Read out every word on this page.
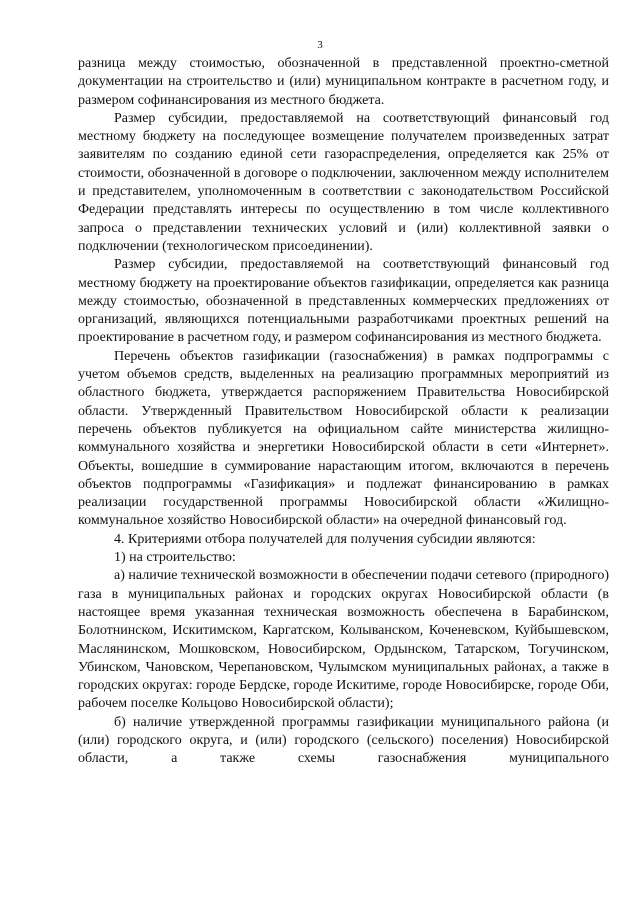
3

разница между стоимостью, обозначенной в представленной проектно-сметной документации на строительство и (или) муниципальном контракте в расчетном году, и размером софинансирования из местного бюджета.

Размер субсидии, предоставляемой на соответствующий финансовый год местному бюджету на последующее возмещение получателем произведенных затрат заявителям по созданию единой сети газораспределения, определяется как 25% от стоимости, обозначенной в договоре о подключении, заключенном между исполнителем и представителем, уполномоченным в соответствии с законодательством Российской Федерации представлять интересы по осуществлению в том числе коллективного запроса о представлении технических условий и (или) коллективной заявки о подключении (технологическом присоединении).

Размер субсидии, предоставляемой на соответствующий финансовый год местному бюджету на проектирование объектов газификации, определяется как разница между стоимостью, обозначенной в представленных коммерческих предложениях от организаций, являющихся потенциальными разработчиками проектных решений на проектирование в расчетном году, и размером софинансирования из местного бюджета.

Перечень объектов газификации (газоснабжения) в рамках подпрограммы с учетом объемов средств, выделенных на реализацию программных мероприятий из областного бюджета, утверждается распоряжением Правительства Новосибирской области. Утвержденный Правительством Новосибирской области к реализации перечень объектов публикуется на официальном сайте министерства жилищно-коммунального хозяйства и энергетики Новосибирской области в сети «Интернет». Объекты, вошедшие в суммирование нарастающим итогом, включаются в перечень объектов подпрограммы «Газификация» и подлежат финансированию в рамках реализации государственной программы Новосибирской области «Жилищно-коммунальное хозяйство Новосибирской области» на очередной финансовый год.

4. Критериями отбора получателей для получения субсидии являются:

1) на строительство:

а) наличие технической возможности в обеспечении подачи сетевого (природного) газа в муниципальных районах и городских округах Новосибирской области (в настоящее время указанная техническая возможность обеспечена в Барабинском, Болотнинском, Искитимском, Каргатском, Колыванском, Коченевском, Куйбышевском, Маслянинском, Мошковском, Новосибирском, Ордынском, Татарском, Тогучинском, Убинском, Чановском, Черепановском, Чулымском муниципальных районах, а также в городских округах: городе Бердске, городе Искитиме, городе Новосибирске, городе Оби, рабочем поселке Кольцово Новосибирской области);

б) наличие утвержденной программы газификации муниципального района (и (или) городского округа, и (или) городского (сельского) поселения) Новосибирской области, а также схемы газоснабжения муниципального
